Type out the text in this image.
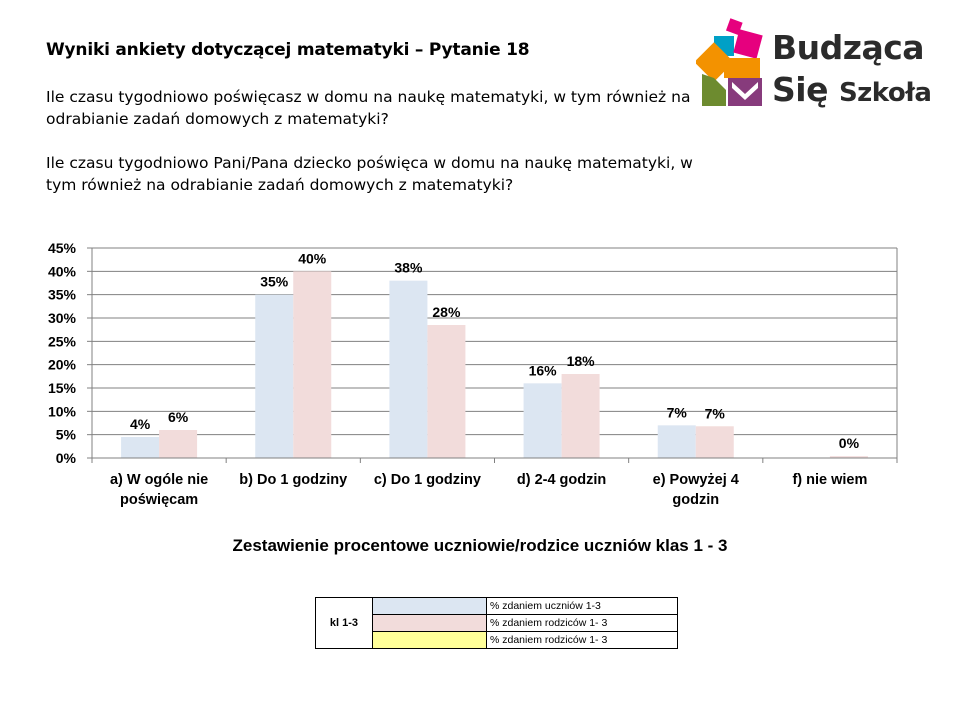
Wyniki ankiety dotyczącej matematyki – Pytanie 18
Ile czasu tygodniowo poświęcasz w domu na naukę matematyki, w tym również na odrabianie zadań domowych z matematyki?
Ile czasu tygodniowo Pani/Pana dziecko poświęca w domu na naukę matematyki, w tym również na odrabianie zadań domowych z matematyki?
Budząca
Się Szkoła
0%
5%
10%
15%
20%
25%
30%
35%
40%
45%
4% 6%
a) W ogóle nie
poświęcam
35%
40%
b) Do 1 godziny
38%
28%
c) Do 1 godziny
16%
18%
d) 2-4 godzin
7% 7%
e) Powyżej 4
godzin
0%
f) nie wiem
Zestawienie procentowe uczniowie/rodzice uczniów klas 1 - 3
kl 1-3		% zdaniem uczniów 1-3
		% zdaniem rodziców 1- 3
		% zdaniem rodziców 1- 3
